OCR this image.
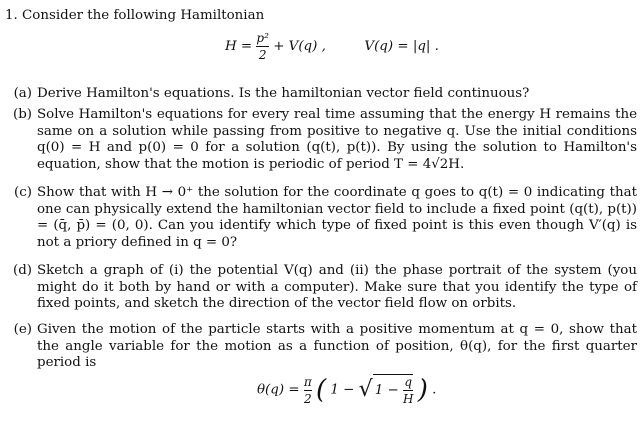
1. Consider the following Hamiltonian
$H = \frac{\text{p²}}{2} + V(q)$ ,	V(q) = |q| .
(a) Derive Hamilton's equations. Is the hamiltonian vector field continuous?
(b) Solve Hamilton's equations for every real time assuming that the energy H remains the same on a solution while passing from positive to negative q. Use the initial conditions q(0) = H and p(0) = 0 for a solution (q(t), p(t)). By using the solution to Hamilton's equation, show that the motion is periodic of period T = 4√2H.
(c) Show that with H → 0⁺ the solution for the coordinate q goes to q(t) = 0 indicating that one can physically extend the hamiltonian vector field to include a fixed point (q(t), p(t)) = (q̄, p̄) = (0, 0). Can you identify which type of fixed point is this even though V′(q) is not a priory defined in q = 0?
(d) Sketch a graph of (i) the potential V(q) and (ii) the phase portrait of the system (you might do it both by hand or with a computer). Make sure that you identify the type of fixed points, and sketch the direction of the vector field flow on orbits.
(e) Given the motion of the particle starts with a positive momentum at q = 0, show that the angle variable for the motion as a function of position, θ(q), for the first quarter period is
$\theta(q) = \frac{\pi}{2}$ ( 1 − √ $1 - \frac{q}{H}$ ) .
